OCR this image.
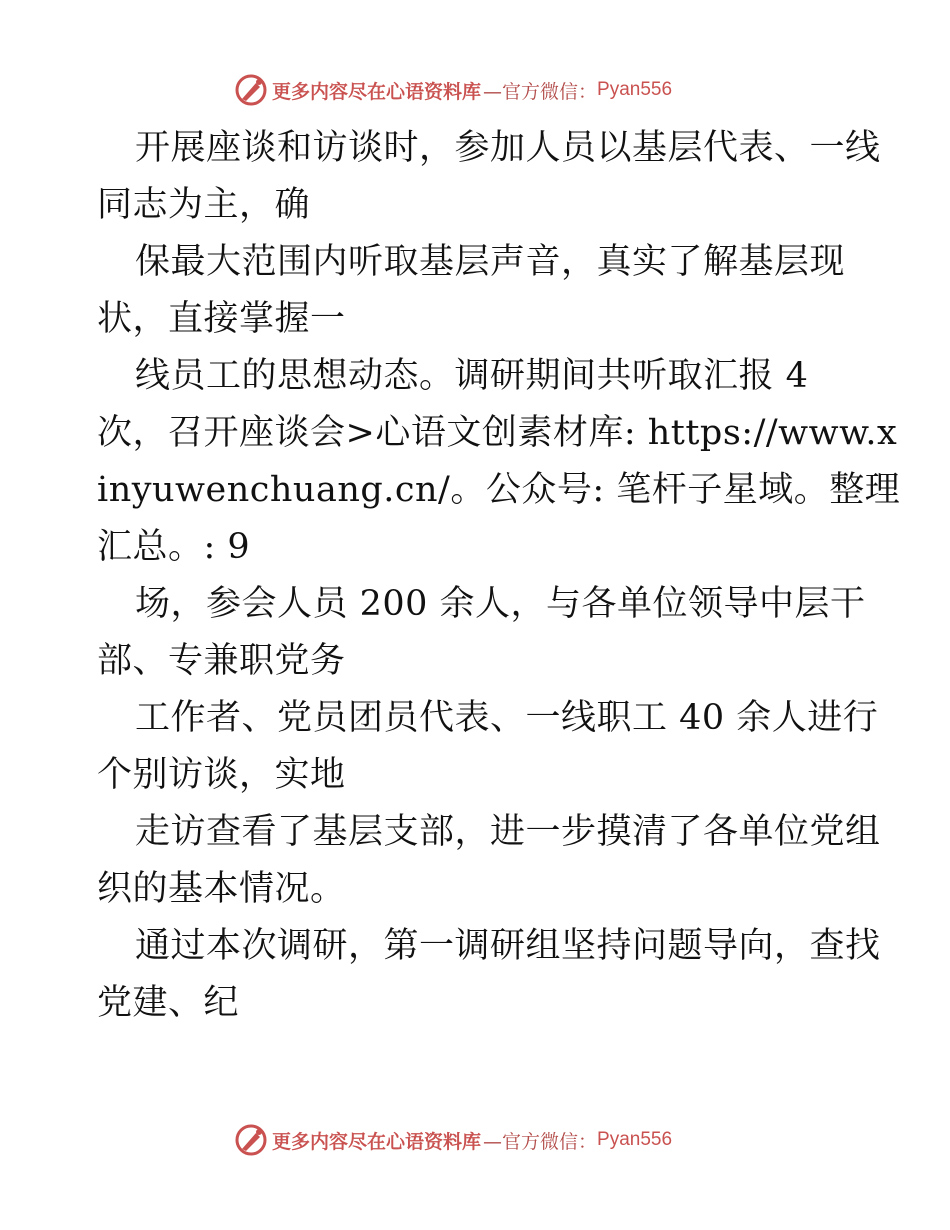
更多内容尽在心语资料库 —官方微信： Pyan556
开展座谈和访谈时，参加人员以基层代表、一线
同志为主，确
保最大范围内听取基层声音，真实了解基层现
状，直接掌握一
线员工的思想动态。调研期间共听取汇报 4
次，召开座谈会>心语文创素材库: https://www.x
inyuwenchuang.cn/。公众号: 笔杆子星域。整理
汇总。: 9
场，参会人员 200 余人，与各单位领导中层干
部、专兼职党务
工作者、党员团员代表、一线职工 40 余人进行
个别访谈，实地
走访查看了基层支部，进一步摸清了各单位党组
织的基本情况。
通过本次调研，第一调研组坚持问题导向，查找
党建、纪
更多内容尽在心语资料库 —官方微信： Pyan556
